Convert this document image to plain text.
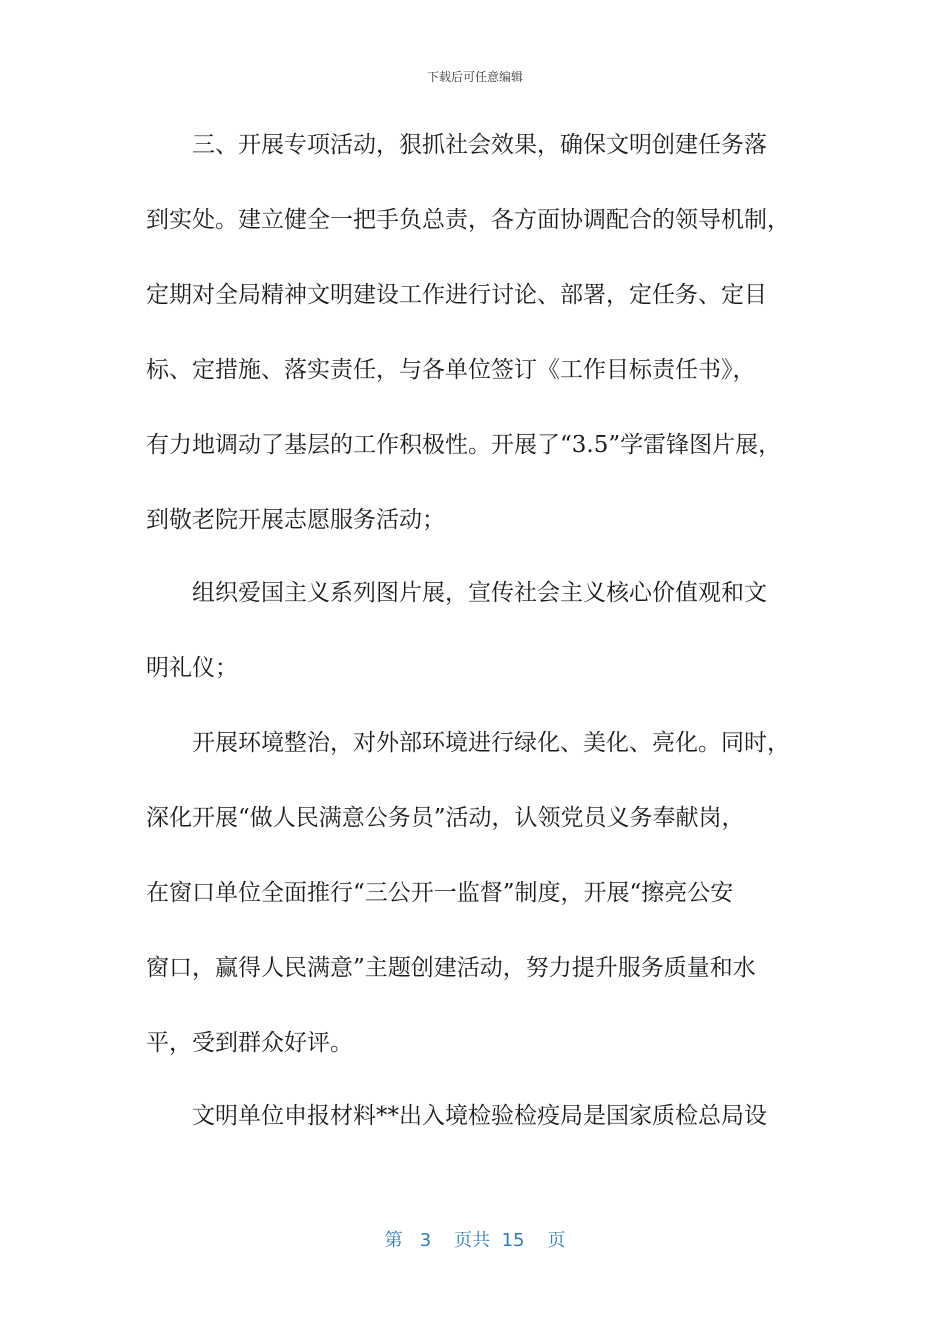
下载后可任意编辑
　　三、开展专项活动，狠抓社会效果，确保文明创建任务落
到实处。建立健全一把手负总责，各方面协调配合的领导机制，
定期对全局精神文明建设工作进行讨论、部署，定任务、定目
标、定措施、落实责任，与各单位签订《工作目标责任书》，
有力地调动了基层的工作积极性。开展了“3.5”学雷锋图片展，
到敬老院开展志愿服务活动；
　　组织爱国主义系列图片展，宣传社会主义核心价值观和文
明礼仪；
　　开展环境整治，对外部环境进行绿化、美化、亮化。同时，
深化开展“做人民满意公务员”活动，认领党员义务奉献岗，
在窗口单位全面推行“三公开一监督”制度，开展“擦亮公安
窗口，赢得人民满意”主题创建活动，努力提升服务质量和水
平，受到群众好评。
　　文明单位申报材料**出入境检验检疫局是国家质检总局设
第 3 页共 15 页
